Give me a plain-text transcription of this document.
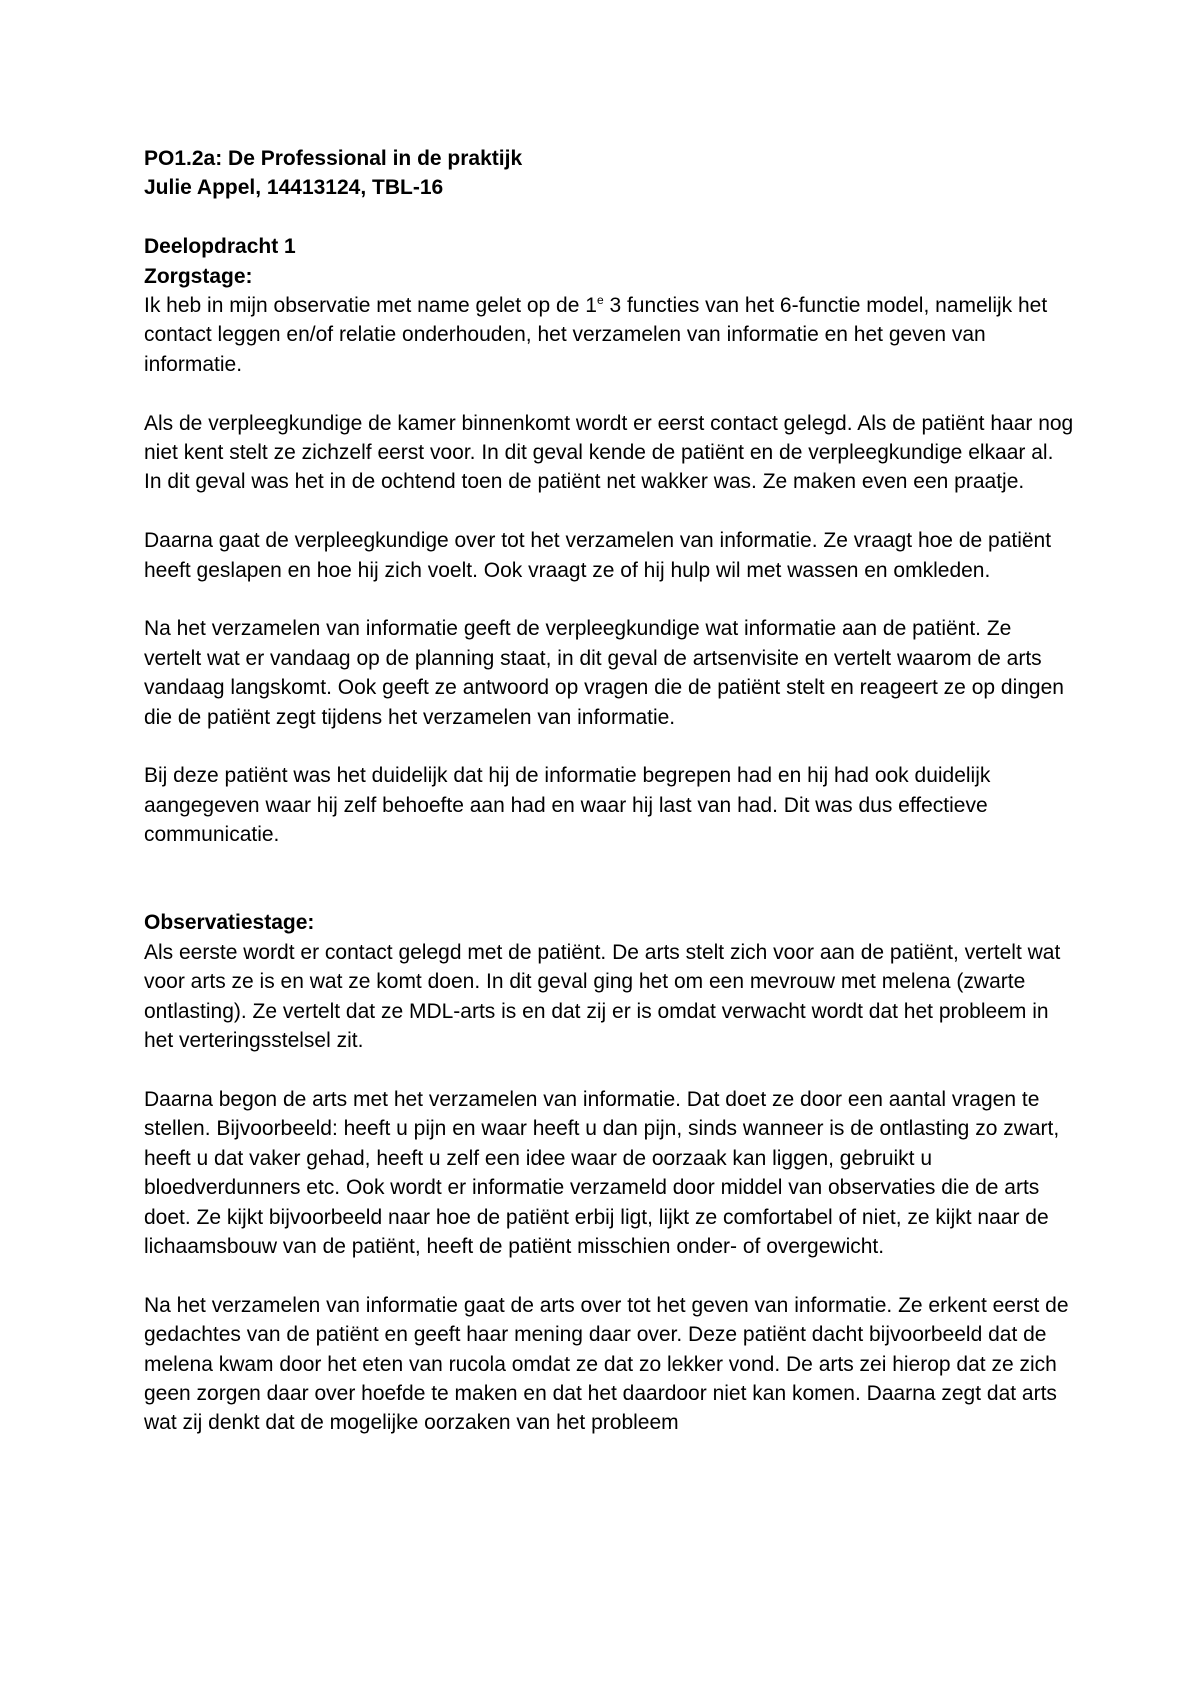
PO1.2a: De Professional in de praktijk

Julie Appel, 14413124, TBL-16

Deelopdracht 1

Zorgstage:

Ik heb in mijn observatie met name gelet op de 1e 3 functies van het 6-functie model, namelijk het contact leggen en/of relatie onderhouden, het verzamelen van informatie en het geven van informatie.

Als de verpleegkundige de kamer binnenkomt wordt er eerst contact gelegd. Als de patiënt haar nog niet kent stelt ze zichzelf eerst voor. In dit geval kende de patiënt en de verpleegkundige elkaar al. In dit geval was het in de ochtend toen de patiënt net wakker was. Ze maken even een praatje.

Daarna gaat de verpleegkundige over tot het verzamelen van informatie. Ze vraagt hoe de patiënt heeft geslapen en hoe hij zich voelt. Ook vraagt ze of hij hulp wil met wassen en omkleden.

Na het verzamelen van informatie geeft de verpleegkundige wat informatie aan de patiënt. Ze vertelt wat er vandaag op de planning staat, in dit geval de artsenvisite en vertelt waarom de arts vandaag langskomt. Ook geeft ze antwoord op vragen die de patiënt stelt en reageert ze op dingen die de patiënt zegt tijdens het verzamelen van informatie.

Bij deze patiënt was het duidelijk dat hij de informatie begrepen had en hij had ook duidelijk aangegeven waar hij zelf behoefte aan had en waar hij last van had. Dit was dus effectieve communicatie.

Observatiestage:

Als eerste wordt er contact gelegd met de patiënt. De arts stelt zich voor aan de patiënt, vertelt wat voor arts ze is en wat ze komt doen. In dit geval ging het om een mevrouw met melena (zwarte ontlasting). Ze vertelt dat ze MDL-arts is en dat zij er is omdat verwacht wordt dat het probleem in het verteringsstelsel zit.

Daarna begon de arts met het verzamelen van informatie. Dat doet ze door een aantal vragen te stellen. Bijvoorbeeld: heeft u pijn en waar heeft u dan pijn, sinds wanneer is de ontlasting zo zwart, heeft u dat vaker gehad, heeft u zelf een idee waar de oorzaak kan liggen, gebruikt u bloedverdunners etc. Ook wordt er informatie verzameld door middel van observaties die de arts doet. Ze kijkt bijvoorbeeld naar hoe de patiënt erbij ligt, lijkt ze comfortabel of niet, ze kijkt naar de lichaamsbouw van de patiënt, heeft de patiënt misschien onder- of overgewicht.

Na het verzamelen van informatie gaat de arts over tot het geven van informatie. Ze erkent eerst de gedachtes van de patiënt en geeft haar mening daar over. Deze patiënt dacht bijvoorbeeld dat de melena kwam door het eten van rucola omdat ze dat zo lekker vond. De arts zei hierop dat ze zich geen zorgen daar over hoefde te maken en dat het daardoor niet kan komen. Daarna zegt dat arts wat zij denkt dat de mogelijke oorzaken van het probleem
